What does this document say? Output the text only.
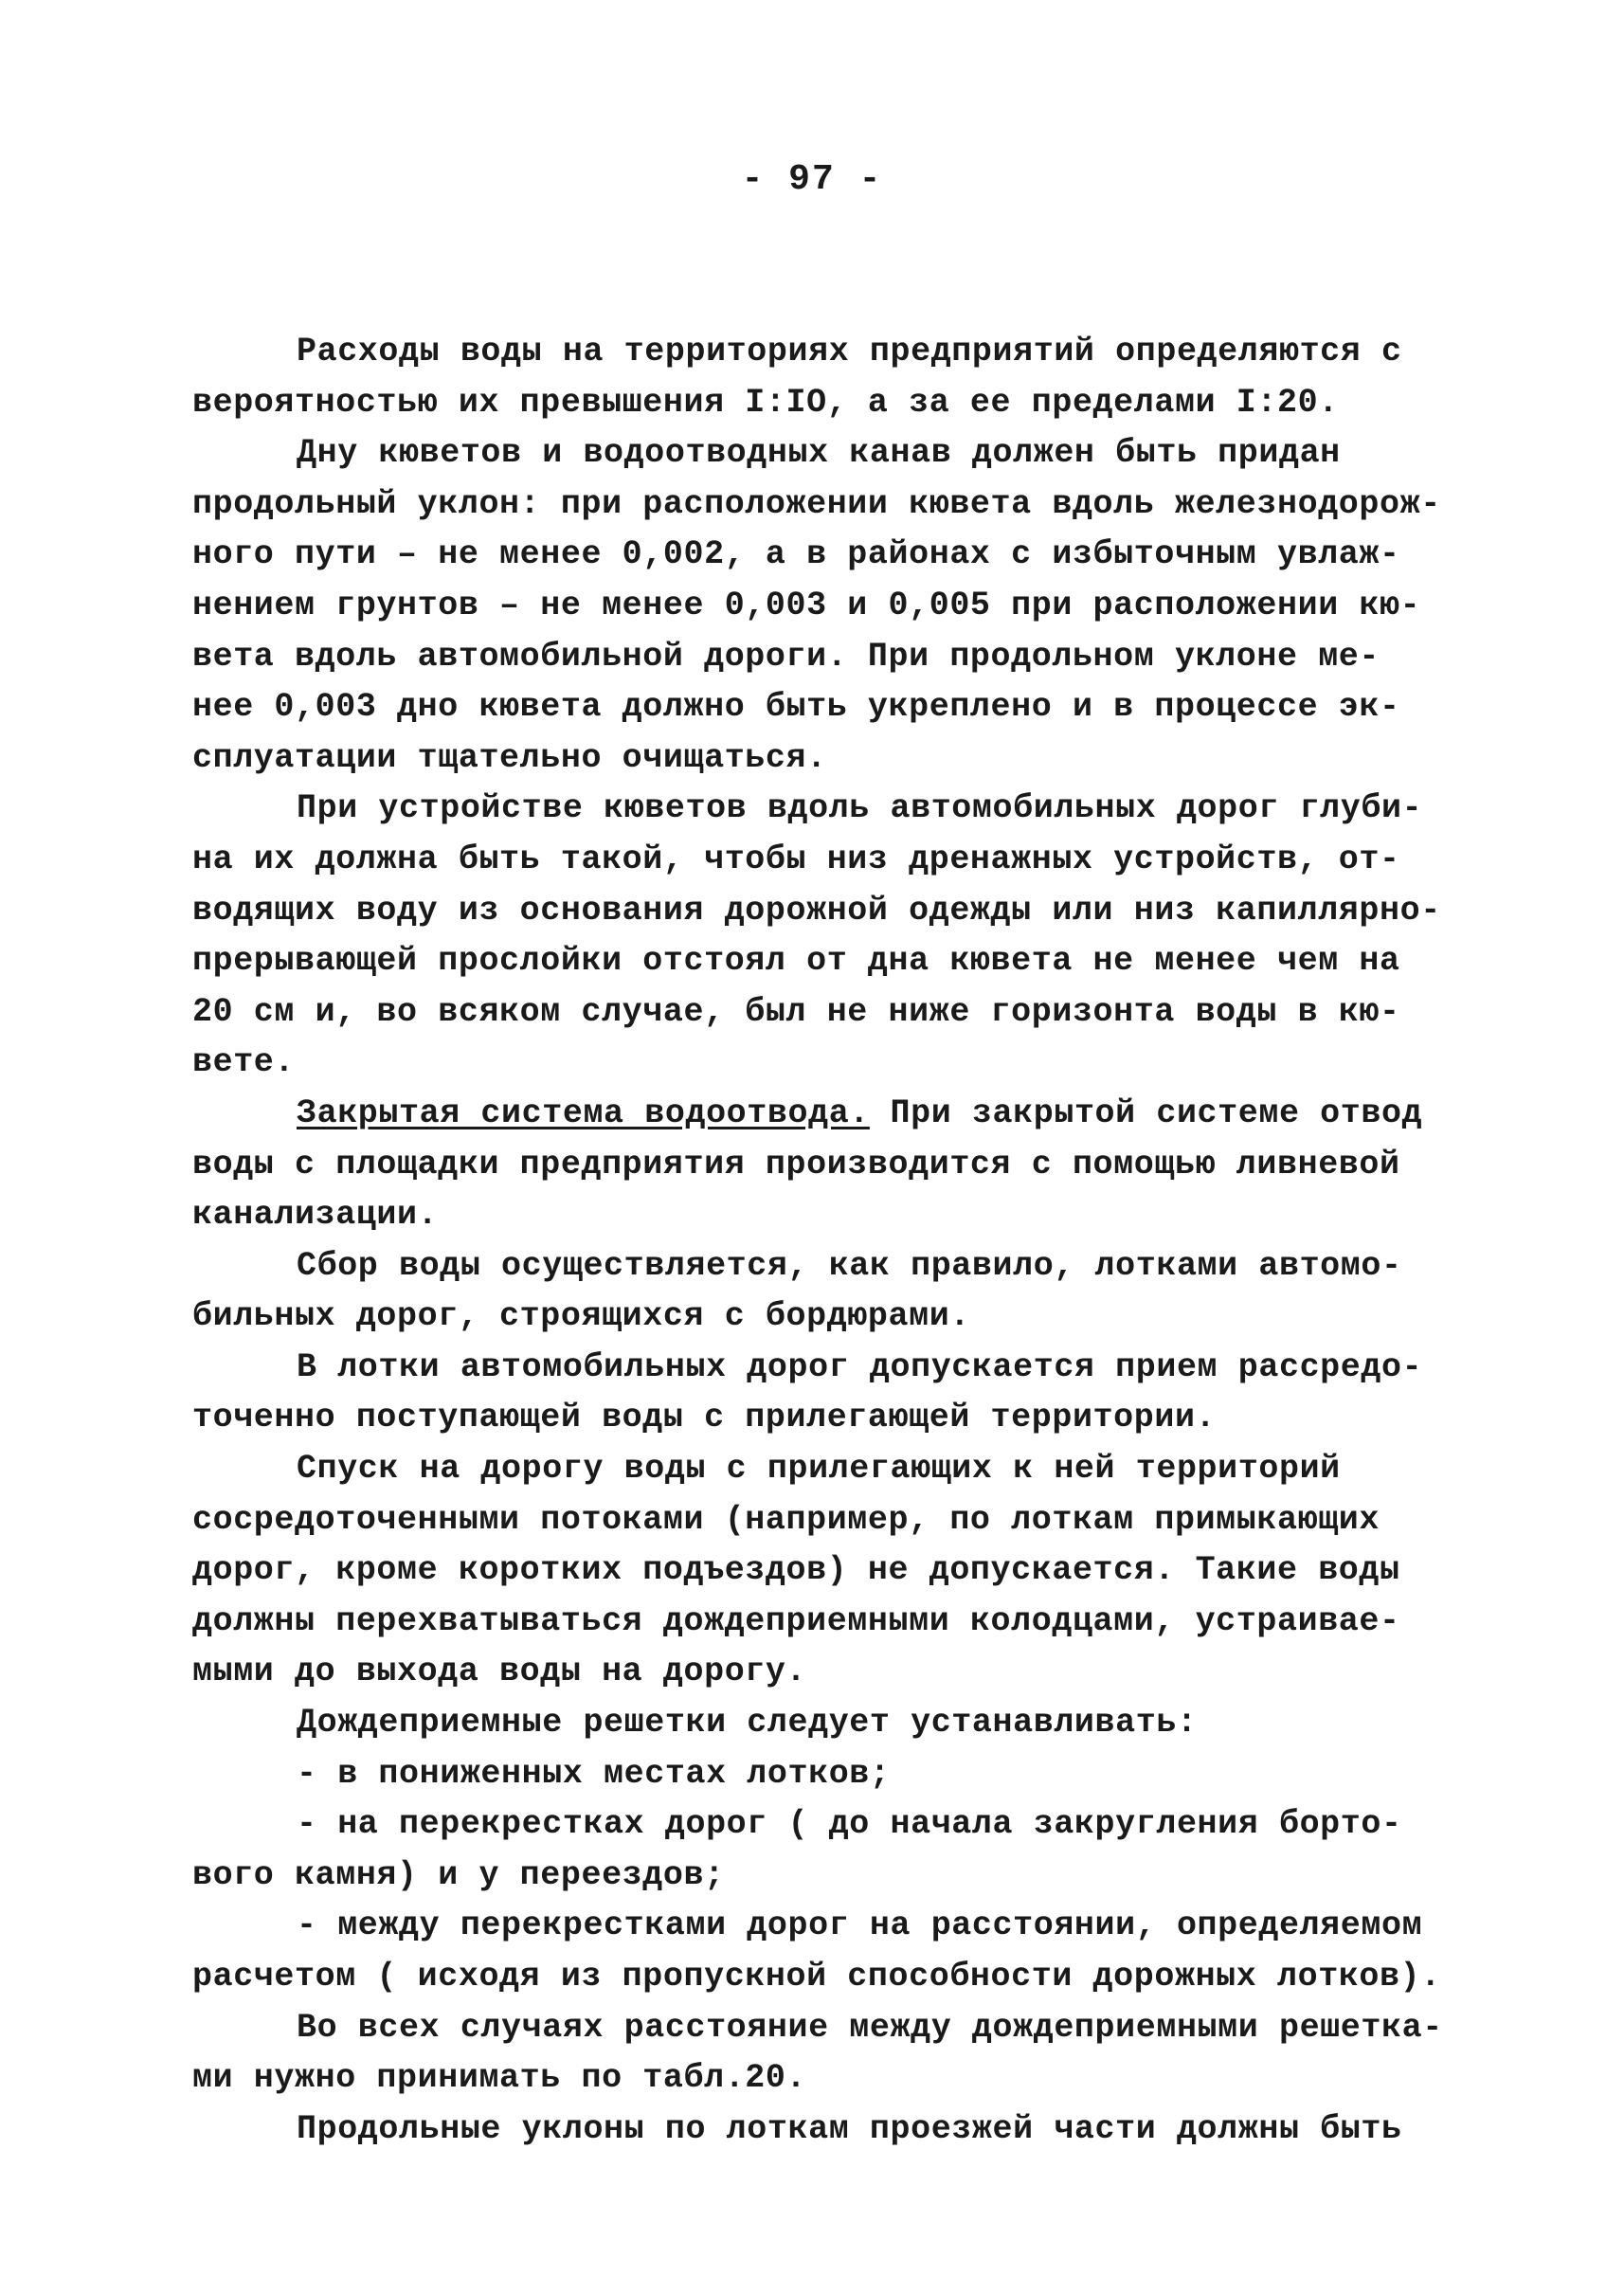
- 97 -
Расходы воды на территориях предприятий определяются с
вероятностью их превышения I:IO, а за ее пределами I:20.
Дну кюветов и водоотводных канав должен быть придан
продольный уклон: при расположении кювета вдоль железнодорож-
ного пути – не менее 0,002, а в районах с избыточным увлаж-
нением грунтов – не менее 0,003 и 0,005 при расположении кю-
вета вдоль автомобильной дороги. При продольном уклоне ме-
нее 0,003 дно кювета должно быть укреплено и в процессе эк-
сплуатации тщательно очищаться.
При устройстве кюветов вдоль автомобильных дорог глуби-
на их должна быть такой, чтобы низ дренажных устройств, от-
водящих воду из основания дорожной одежды или низ капиллярно-
прерывающей прослойки отстоял от дна кювета не менее чем на
20 см и, во всяком случае, был не ниже горизонта воды в кю-
вете.
Закрытая система водоотвода. При закрытой системе отвод
воды с площадки предприятия производится с помощью ливневой
канализации.
Сбор воды осуществляется, как правило, лотками автомо-
бильных дорог, строящихся с бордюрами.
В лотки автомобильных дорог допускается прием рассредо-
точенно поступающей воды с прилегающей территории.
Спуск на дорогу воды с прилегающих к ней территорий
сосредоточенными потоками (например, по лоткам примыкающих
дорог, кроме коротких подъездов) не допускается. Такие воды
должны перехватываться дождеприемными колодцами, устраивае-
мыми до выхода воды на дорогу.
Дождеприемные решетки следует устанавливать:
- в пониженных местах лотков;
- на перекрестках дорог ( до начала закругления борто-
вого камня) и у переездов;
- между перекрестками дорог на расстоянии, определяемом
расчетом ( исходя из пропускной способности дорожных лотков).
Во всех случаях расстояние между дождеприемными решетка-
ми нужно принимать по табл.20.
Продольные уклоны по лоткам проезжей части должны быть
